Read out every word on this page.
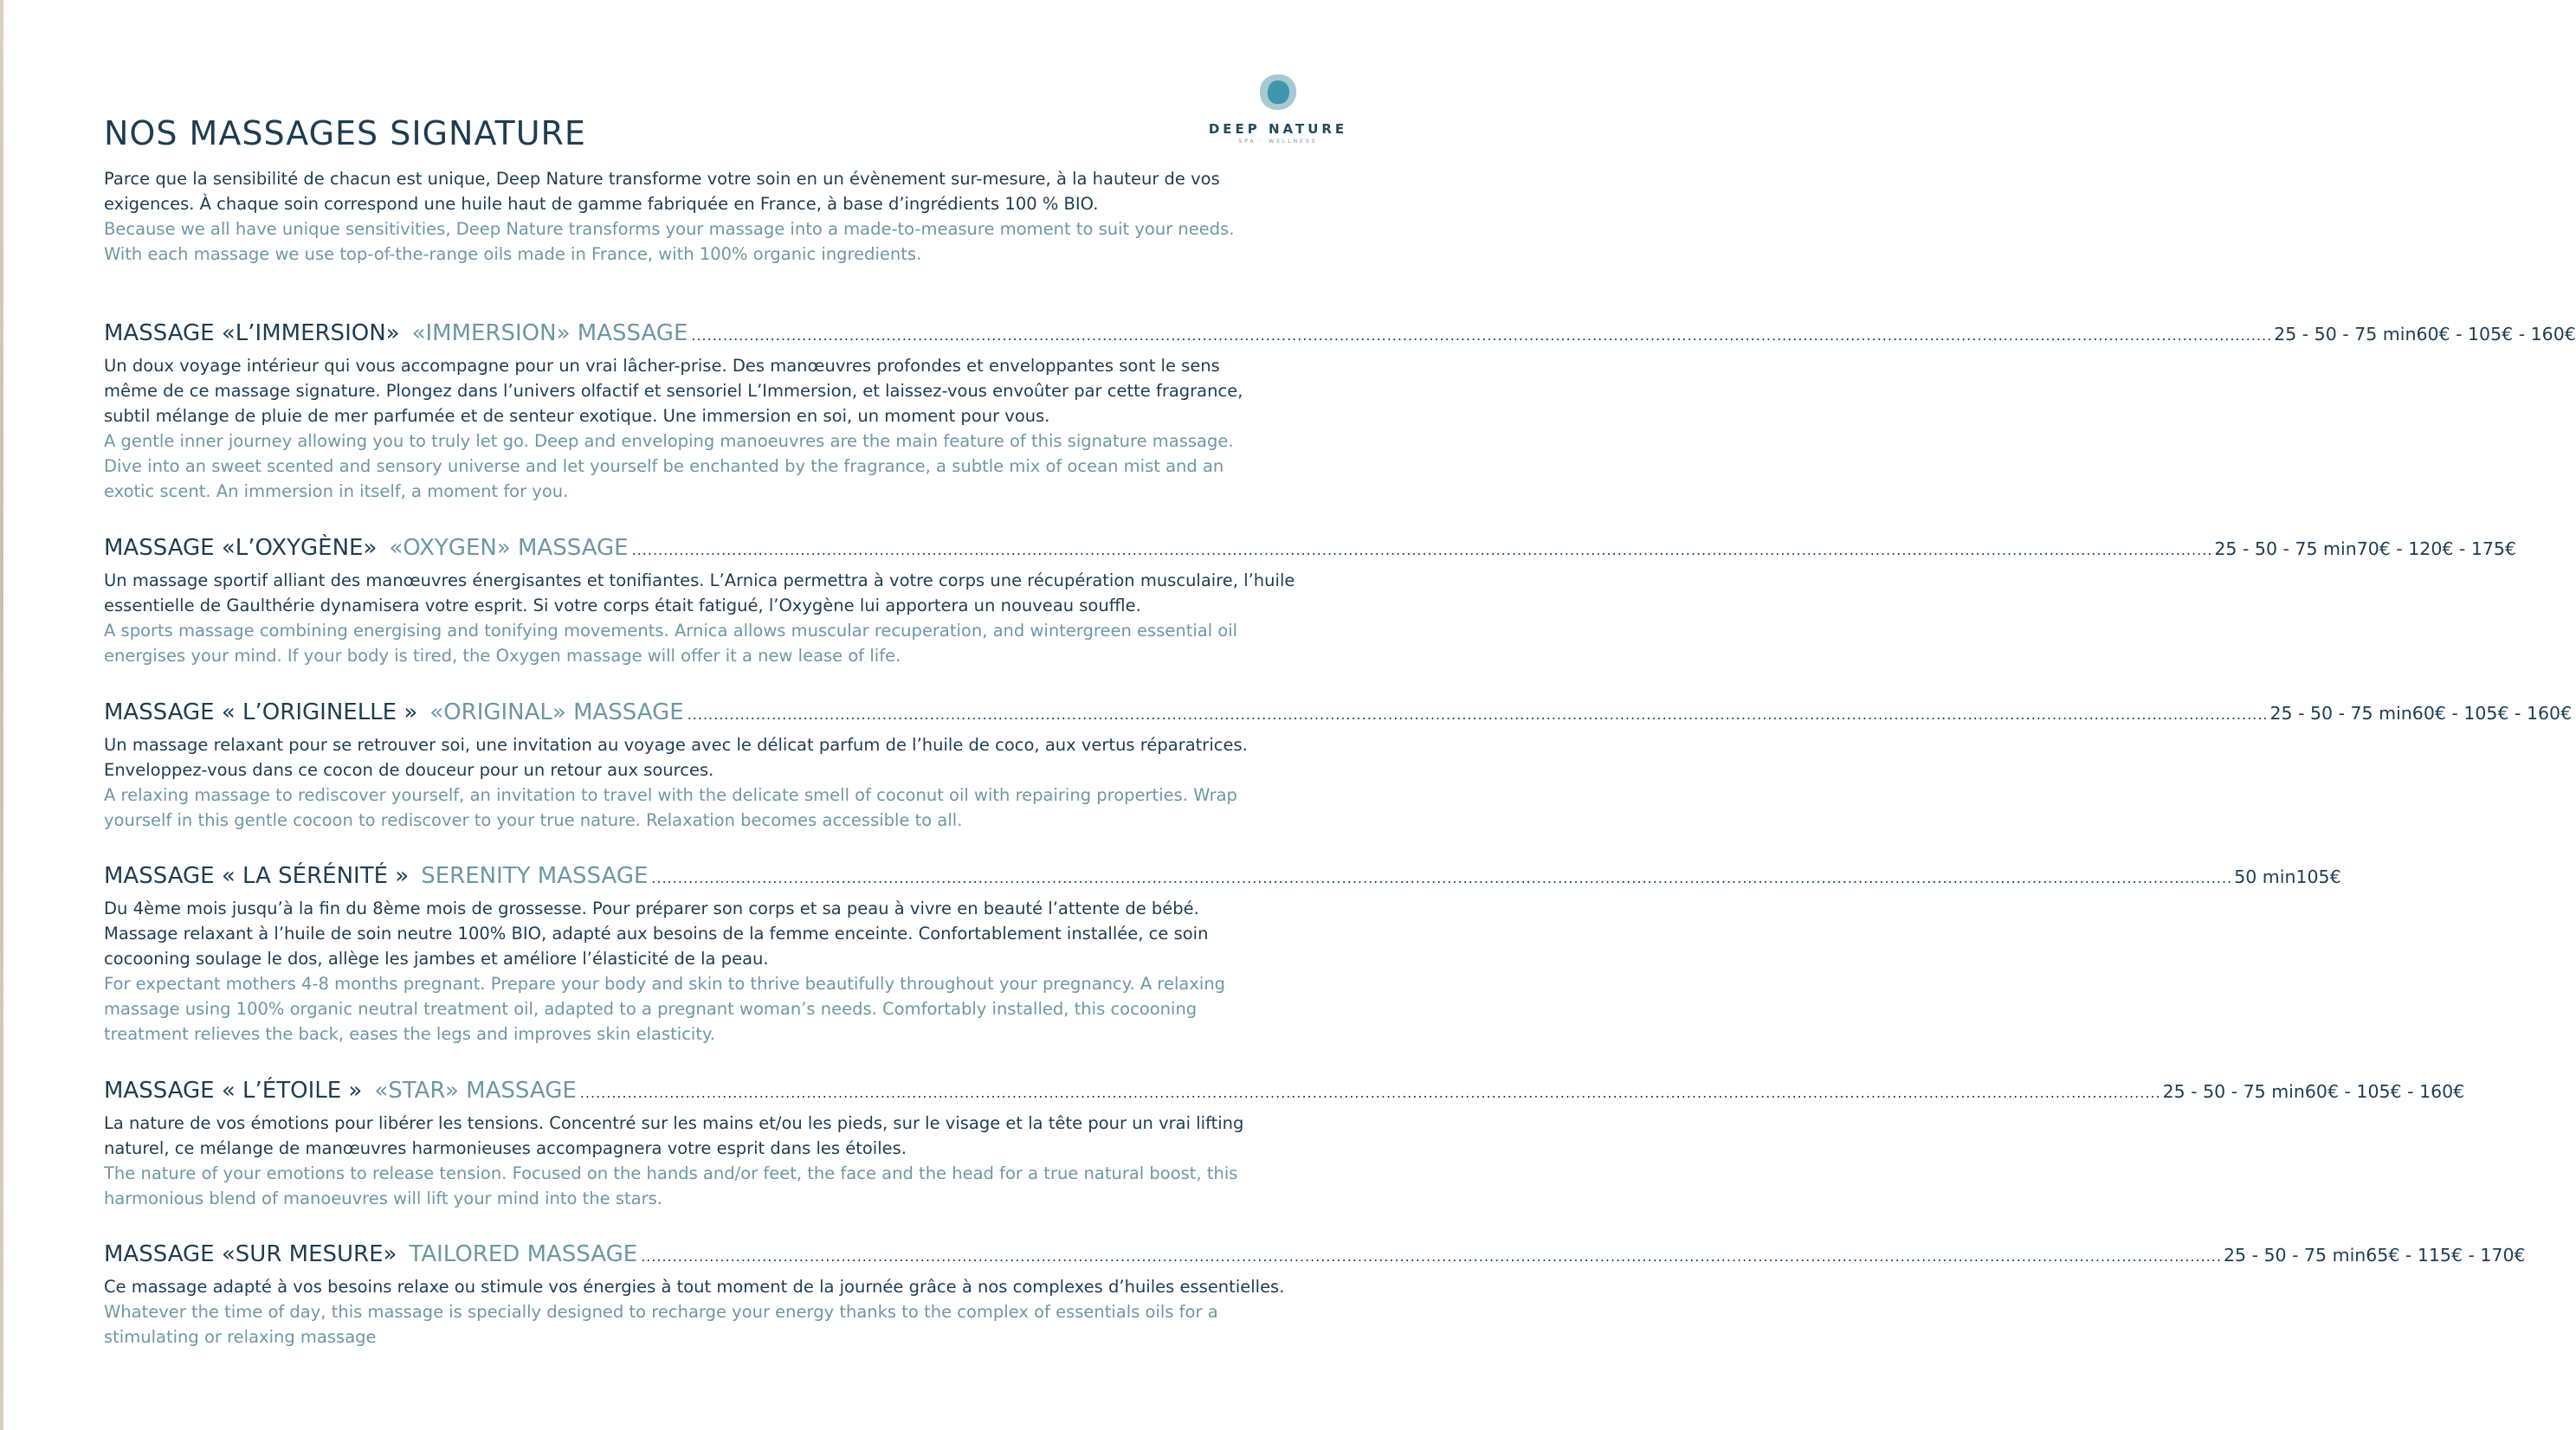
DEEP NATURE
SPA · WELLNESS
NOS MASSAGES SIGNATURE

Parce que la sensibilité de chacun est unique, Deep Nature transforme votre soin en un évènement sur-mesure, à la hauteur de vos

exigences. À chaque soin correspond une huile haut de gamme fabriquée en France, à base d’ingrédients 100 % BIO.

Because we all have unique sensitivities, Deep Nature transforms your massage into a made-to-measure moment to suit your needs.

With each massage we use top-of-the-range oils made in France, with 100% organic ingredients.

MASSAGE «L’IMMERSION» «IMMERSION» MASSAGE ............................................................................................................................................................................................................................................................................................................ 25 - 50 - 75 min 60€ - 105€ - 160€

Un doux voyage intérieur qui vous accompagne pour un vrai lâcher-prise. Des manœuvres profondes et enveloppantes sont le sens

même de ce massage signature. Plongez dans l’univers olfactif et sensoriel L’Immersion, et laissez-vous envoûter par cette fragrance,

subtil mélange de pluie de mer parfumée et de senteur exotique. Une immersion en soi, un moment pour vous.

A gentle inner journey allowing you to truly let go. Deep and enveloping manoeuvres are the main feature of this signature massage.

Dive into an sweet scented and sensory universe and let yourself be enchanted by the fragrance, a subtle mix of ocean mist and an

exotic scent. An immersion in itself, a moment for you.

MASSAGE «L’OXYGÈNE» «OXYGEN» MASSAGE ............................................................................................................................................................................................................................................................................................................ 25 - 50 - 75 min 70€ - 120€ - 175€

Un massage sportif alliant des manœuvres énergisantes et tonifiantes. L’Arnica permettra à votre corps une récupération musculaire, l’huile

essentielle de Gaulthérie dynamisera votre esprit. Si votre corps était fatigué, l’Oxygène lui apportera un nouveau souffle.

A sports massage combining energising and tonifying movements. Arnica allows muscular recuperation, and wintergreen essential oil

energises your mind. If your body is tired, the Oxygen massage will offer it a new lease of life.

MASSAGE « L’ORIGINELLE » «ORIGINAL» MASSAGE ............................................................................................................................................................................................................................................................................................................ 25 - 50 - 75 min 60€ - 105€ - 160€

Un massage relaxant pour se retrouver soi, une invitation au voyage avec le délicat parfum de l’huile de coco, aux vertus réparatrices.

Enveloppez-vous dans ce cocon de douceur pour un retour aux sources.

A relaxing massage to rediscover yourself, an invitation to travel with the delicate smell of coconut oil with repairing properties. Wrap

yourself in this gentle cocoon to rediscover to your true nature. Relaxation becomes accessible to all.

MASSAGE « LA SÉRÉNITÉ » SERENITY MASSAGE ............................................................................................................................................................................................................................................................................................................ 50 min 105€

Du 4ème mois jusqu’à la fin du 8ème mois de grossesse. Pour préparer son corps et sa peau à vivre en beauté l’attente de bébé.

Massage relaxant à l’huile de soin neutre 100% BIO, adapté aux besoins de la femme enceinte. Confortablement installée, ce soin

cocooning soulage le dos, allège les jambes et améliore l’élasticité de la peau.

For expectant mothers 4-8 months pregnant. Prepare your body and skin to thrive beautifully throughout your pregnancy. A relaxing

massage using 100% organic neutral treatment oil, adapted to a pregnant woman’s needs. Comfortably installed, this cocooning

treatment relieves the back, eases the legs and improves skin elasticity.

MASSAGE « L’ÉTOILE » «STAR» MASSAGE ............................................................................................................................................................................................................................................................................................................ 25 - 50 - 75 min 60€ - 105€ - 160€

La nature de vos émotions pour libérer les tensions. Concentré sur les mains et/ou les pieds, sur le visage et la tête pour un vrai lifting

naturel, ce mélange de manœuvres harmonieuses accompagnera votre esprit dans les étoiles.

The nature of your emotions to release tension. Focused on the hands and/or feet, the face and the head for a true natural boost, this

harmonious blend of manoeuvres will lift your mind into the stars.

MASSAGE «SUR MESURE» TAILORED MASSAGE ............................................................................................................................................................................................................................................................................................................ 25 - 50 - 75 min 65€ - 115€ - 170€

Ce massage adapté à vos besoins relaxe ou stimule vos énergies à tout moment de la journée grâce à nos complexes d’huiles essentielles.

Whatever the time of day, this massage is specially designed to recharge your energy thanks to the complex of essentials oils for a

stimulating or relaxing massage
